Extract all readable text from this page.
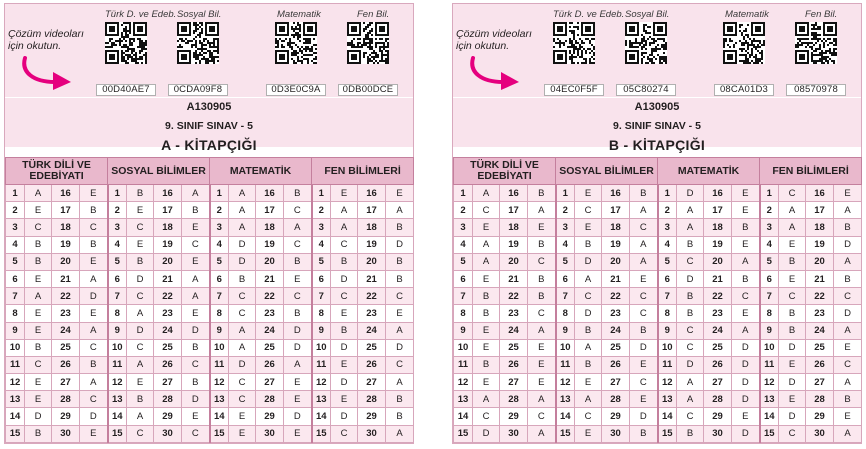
Türk D. ve Edeb.
00D40AE7
Sosyal Bil.
0CDA09F8
Matematik
0D3E0C9A
Fen Bil.
0DB00DCE
Çözüm videoları
için okutun.
A130905
9. SINIF SINAV - 5
A - KİTAPÇIĞI
TÜRK DİLİ VE EDEBİYATI				SOSYAL BİLİMLER				MATEMATİK				FEN BİLİMLERİ			
1	A	16	E	1	B	16	A	1	A	16	B	1	E	16	E
2	E	17	B	2	E	17	B	2	A	17	C	2	A	17	A
3	C	18	C	3	C	18	E	3	A	18	A	3	A	18	B
4	B	19	B	4	E	19	C	4	D	19	C	4	C	19	D
5	B	20	E	5	B	20	E	5	D	20	B	5	B	20	B
6	E	21	A	6	D	21	A	6	B	21	E	6	D	21	B
7	A	22	D	7	C	22	A	7	C	22	C	7	C	22	C
8	E	23	E	8	A	23	E	8	C	23	B	8	E	23	E
9	E	24	A	9	D	24	D	9	A	24	D	9	B	24	A
10	B	25	C	10	C	25	B	10	A	25	D	10	D	25	D
11	C	26	B	11	A	26	C	11	D	26	A	11	E	26	C
12	E	27	A	12	E	27	B	12	C	27	E	12	D	27	A
13	E	28	C	13	B	28	D	13	C	28	E	13	E	28	B
14	D	29	D	14	A	29	E	14	E	29	D	14	D	29	B
15	B	30	E	15	C	30	C	15	E	30	E	15	C	30	A
Türk D. ve Edeb.
04EC0F5F
Sosyal Bil.
05C80274
Matematik
08CA01D3
Fen Bil.
08570978
Çözüm videoları
için okutun.
A130905
9. SINIF SINAV - 5
B - KİTAPÇIĞI
TÜRK DİLİ VE EDEBİYATI				SOSYAL BİLİMLER				MATEMATİK				FEN BİLİMLERİ			
1	A	16	B	1	E	16	B	1	D	16	E	1	C	16	E
2	C	17	A	2	C	17	A	2	A	17	E	2	A	17	A
3	E	18	E	3	E	18	C	3	A	18	B	3	A	18	B
4	A	19	B	4	B	19	A	4	B	19	E	4	E	19	D
5	A	20	C	5	D	20	A	5	C	20	A	5	B	20	A
6	E	21	B	6	A	21	E	6	D	21	B	6	E	21	B
7	B	22	B	7	C	22	C	7	B	22	C	7	C	22	C
8	B	23	C	8	D	23	C	8	B	23	E	8	B	23	D
9	E	24	A	9	B	24	B	9	C	24	A	9	B	24	A
10	E	25	E	10	A	25	D	10	C	25	D	10	D	25	E
11	B	26	E	11	B	26	E	11	D	26	D	11	E	26	C
12	E	27	E	12	E	27	C	12	A	27	D	12	D	27	A
13	A	28	A	13	A	28	E	13	A	28	D	13	E	28	B
14	C	29	C	14	C	29	D	14	C	29	E	14	D	29	E
15	D	30	A	15	E	30	B	15	B	30	D	15	C	30	A
